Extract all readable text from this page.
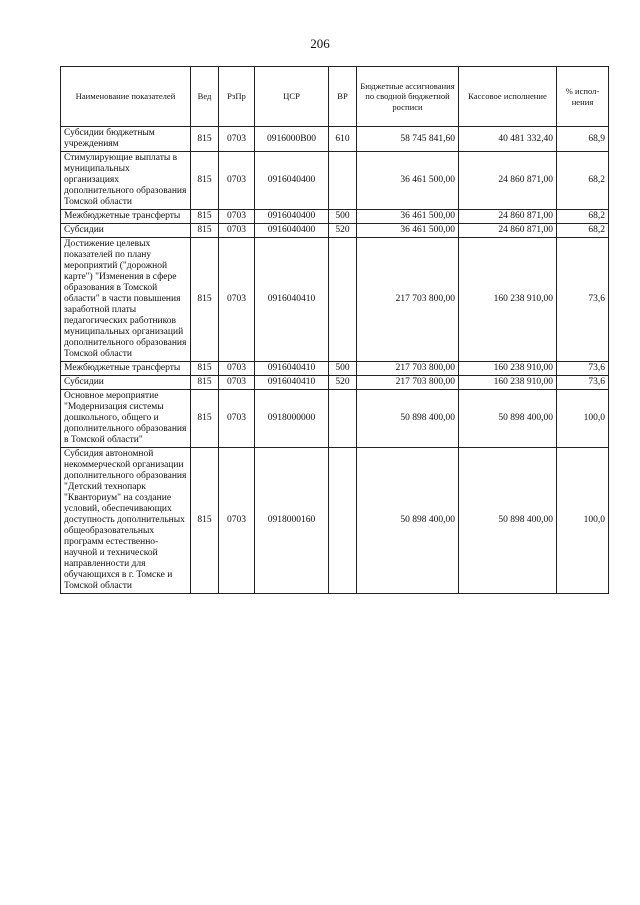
206
Наименование показателей	Вед	РзПр	ЦСР	ВР	Бюджетные ассигнования по сводной бюджетной росписи	Кассовое исполнение	% испол-нения
Субсидии бюджетным учреждениям	815	0703	0916000В00	610	58 745 841,60	40 481 332,40	68,9
Стимулирующие выплаты в муниципальных организациях дополнительного образования Томской области	815	0703	0916040400		36 461 500,00	24 860 871,00	68,2
Межбюджетные трансферты	815	0703	0916040400	500	36 461 500,00	24 860 871,00	68,2
Субсидии	815	0703	0916040400	520	36 461 500,00	24 860 871,00	68,2
Достижение целевых показателей по плану мероприятий ("дорожной карте") "Изменения в сфере образования в Томской области" в части повышения заработной платы педагогических работников муниципальных организаций дополнительного образования Томской области	815	0703	0916040410		217 703 800,00	160 238 910,00	73,6
Межбюджетные трансферты	815	0703	0916040410	500	217 703 800,00	160 238 910,00	73,6
Субсидии	815	0703	0916040410	520	217 703 800,00	160 238 910,00	73,6
Основное мероприятие "Модернизация системы дошкольного, общего и дополнительного образования в Томской области"	815	0703	0918000000		50 898 400,00	50 898 400,00	100,0
Субсидия автономной некоммерческой организации дополнительного образования "Детский технопарк "Кванториум" на создание условий, обеспечивающих доступность дополнительных общеобразовательных программ естественно-научной и технической направленности для обучающихся в г. Томске и Томской области	815	0703	0918000160		50 898 400,00	50 898 400,00	100,0
